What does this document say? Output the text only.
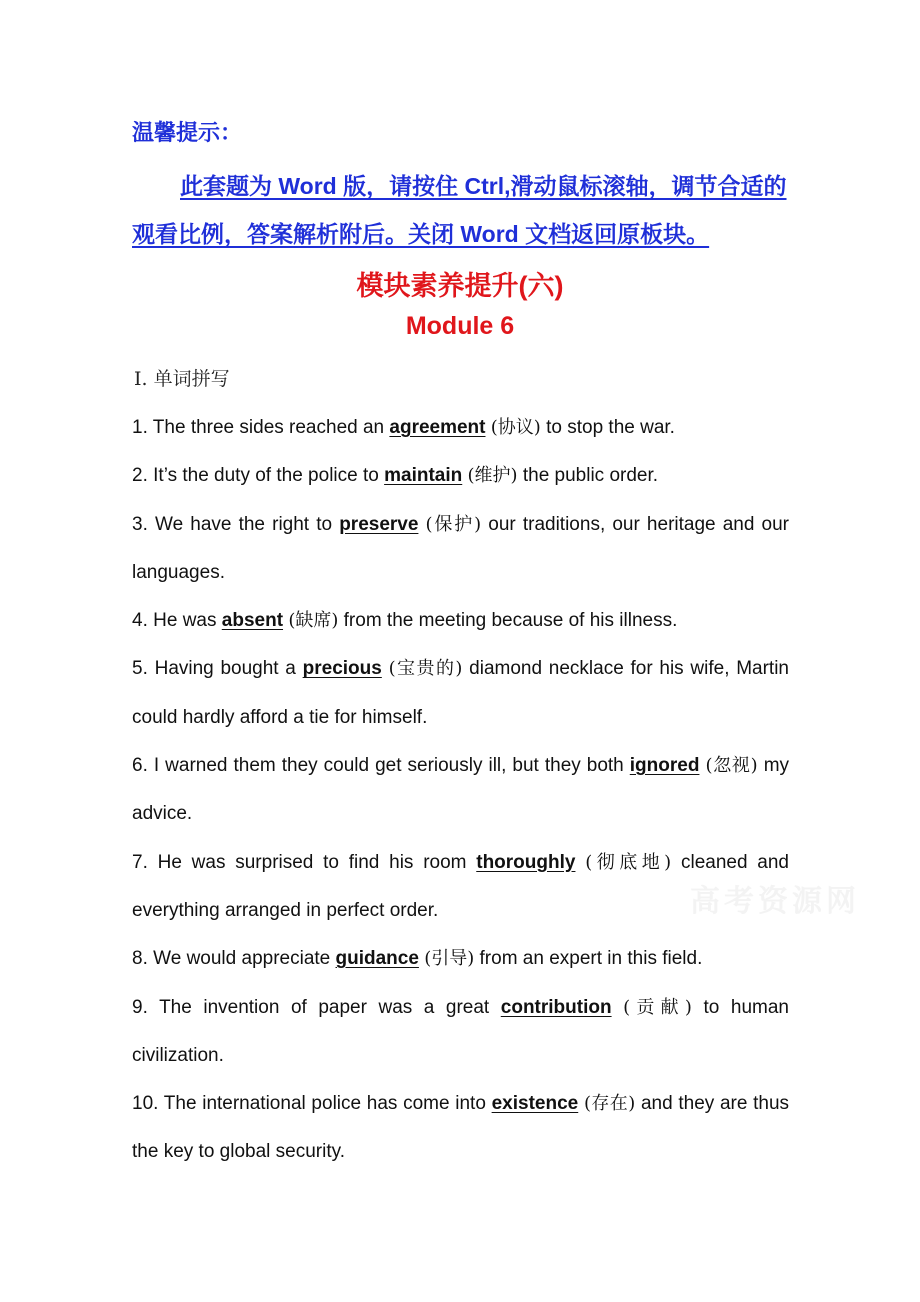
温馨提示：

此套题为 Word 版，请按住 Ctrl,滑动鼠标滚轴，调节合适的观看比例，答案解析附后。关闭 Word 文档返回原板块。

模块素养提升(六)
Module 6

Ⅰ. 单词拼写

1. The three sides reached an agreement (协议) to stop the war.
2. It’s the duty of the police to maintain (维护) the public order.
3. We have the right to preserve (保护) our traditions, our heritage and our languages.
4. He was absent (缺席) from the meeting because of his illness.
5. Having bought a precious (宝贵的) diamond necklace for his wife, Martin could hardly afford a tie for himself.
6. I warned them they could get seriously ill, but they both ignored (忽视) my advice.
7. He was surprised to find his room thoroughly (彻底地) cleaned and everything arranged in perfect order.
8. We would appreciate guidance (引导) from an expert in this field.
9. The invention of paper was a great contribution (贡献) to human civilization.
10. The international police has come into existence (存在) and they are thus the key to global security.
高考资源网
